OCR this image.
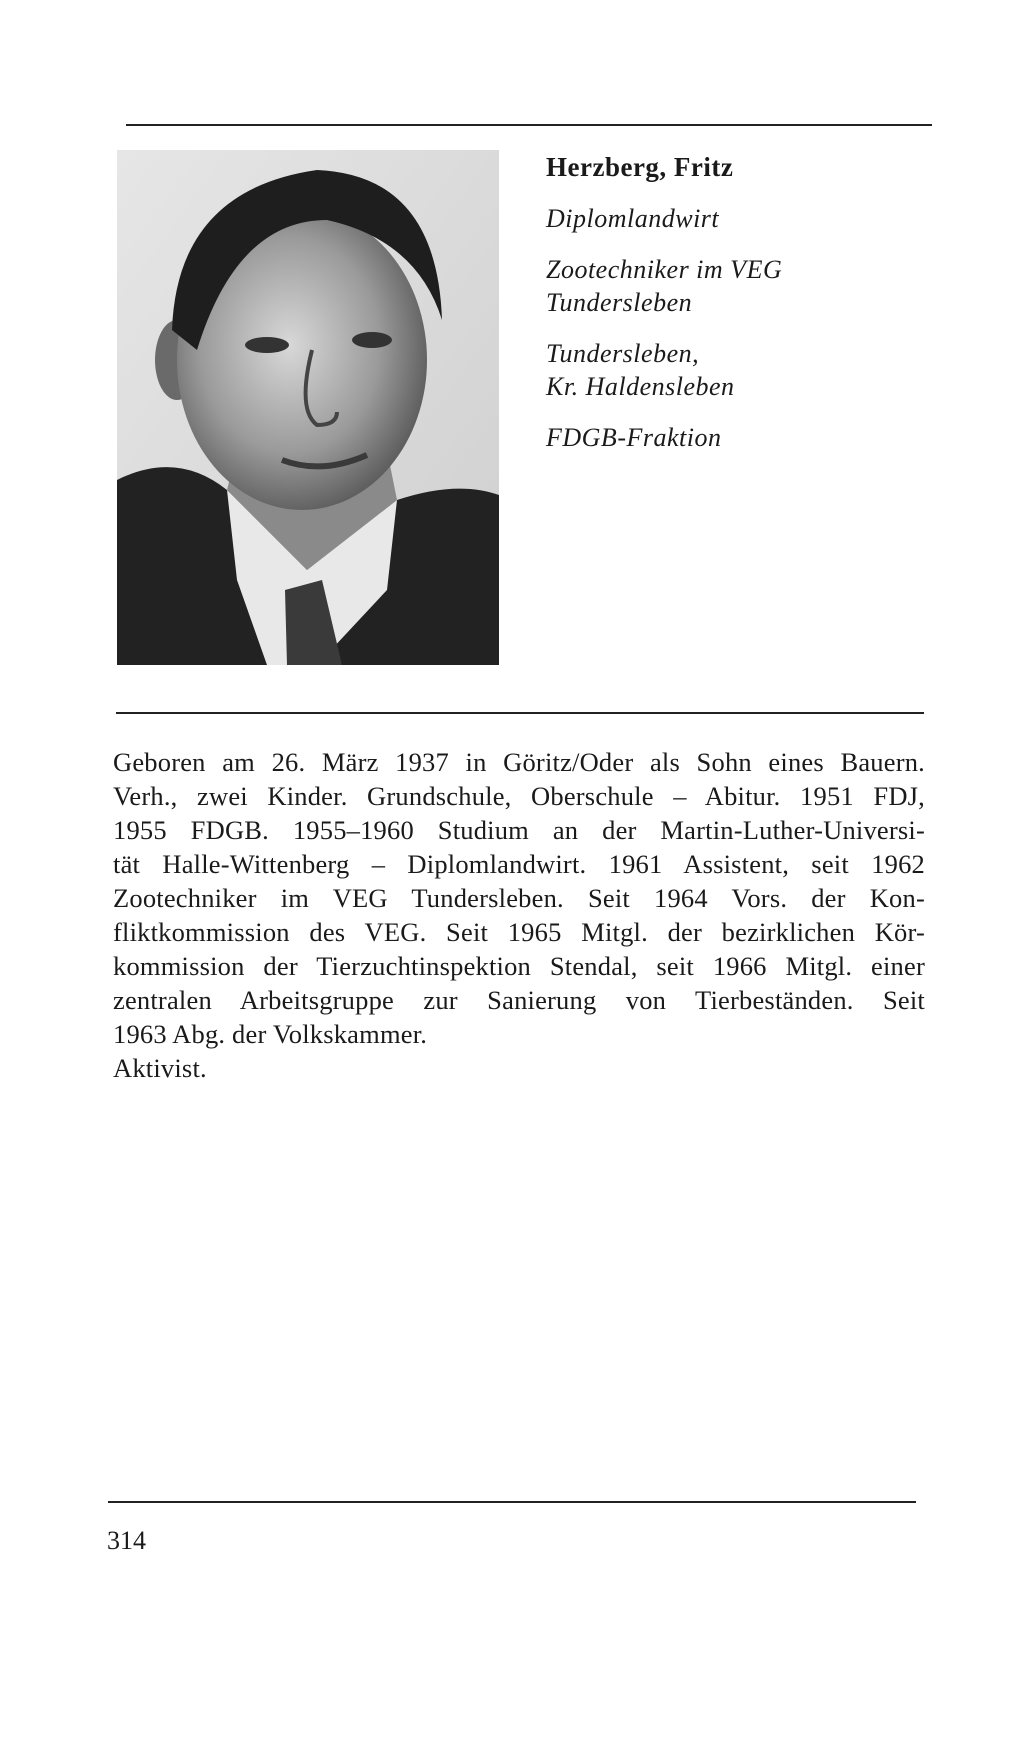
Herzberg, Fritz

Diplomlandwirt

Zootechniker im VEG

Tundersleben

Tundersleben,

Kr. Haldensleben

FDGB-Fraktion

Geboren am 26. März 1937 in Göritz/Oder als Sohn eines Bauern.
Verh., zwei Kinder. Grundschule, Oberschule – Abitur. 1951 FDJ,
1955 FDGB. 1955–1960 Studium an der Martin-Luther-Universi-
tät Halle-Wittenberg – Diplomlandwirt. 1961 Assistent, seit 1962
Zootechniker im VEG Tundersleben. Seit 1964 Vors. der Kon-
fliktkommission des VEG. Seit 1965 Mitgl. der bezirklichen Kör-
kommission der Tierzuchtinspektion Stendal, seit 1966 Mitgl. einer
zentralen Arbeitsgruppe zur Sanierung von Tierbeständen. Seit
1963 Abg. der Volkskammer.
Aktivist.
314
